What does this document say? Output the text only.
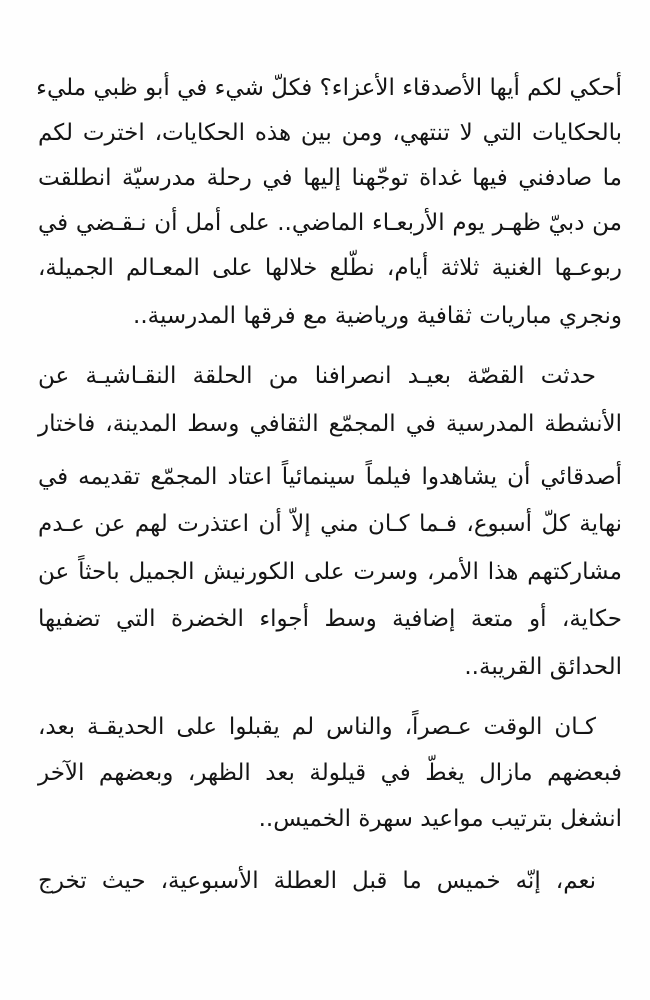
أحكي لكم أيها الأصدقاء الأعزاء؟ فكلّ شيء في أبو ظبي مليء
بالحكايات التي لا تنتهي، ومن بين هذه الحكايات، اخترت لكم
ما صادفني فيها غداة توجّهنا إليها في رحلة مدرسيّة انطلقت
من دبيّ ظهـر يوم الأربعـاء الماضي.. على أمل أن نـقـضي في
ربوعـها الغنية ثلاثة أيام، نطّلع خلالها على المعـالم الجميلة،
ونجري مباريات ثقافية ورياضية مع فرقها المدرسية..
حدثت القصّة بعيـد انصرافنا من الحلقة النقـاشيـة عن
الأنشطة المدرسية في المجمّع الثقافي وسط المدينة، فاختار
أصدقائي أن يشاهدوا فيلماً سينمائياً اعتاد المجمّع تقديمه في
نهاية كلّ أسبوع، فـما كـان مني إلاّ أن اعتذرت لهم عن عـدم
مشاركتهم هذا الأمر، وسرت على الكورنيش الجميل باحثاً عن
حكاية، أو متعة إضافية وسط أجواء الخضرة التي تضفيها
الحدائق القريبة..
كـان الوقت عـصراً، والناس لم يقبلوا على الحديقـة بعد،
فبعضهم مازال يغطّ في قيلولة بعد الظهر، وبعضهم الآخر
انشغل بترتيب مواعيد سهرة الخميس..
نعم، إنّه خميس ما قبل العطلة الأسبوعية، حيث تخرج
